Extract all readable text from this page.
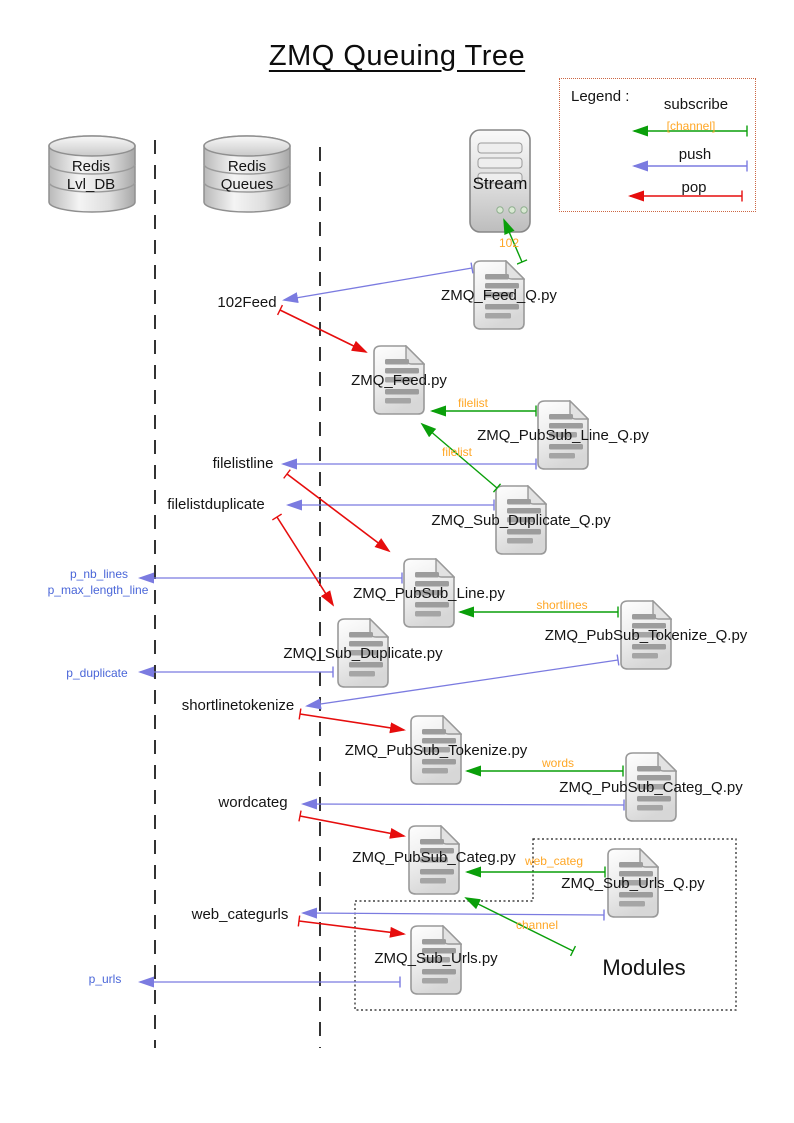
ZMQ Queuing Tree
Legend :	subscribe
[channel]
push
pop
Redis
Lvl_DB
Redis
Queues	Stream
ZMQ_Feed_Q.py
ZMQ_Feed.py
ZMQ_PubSub_Line_Q.py
ZMQ_Sub_Duplicate_Q.py
ZMQ_PubSub_Line.py
ZMQ_Sub_Duplicate.py
ZMQ_PubSub_Tokenize_Q.py
ZMQ_PubSub_Tokenize.py
ZMQ_PubSub_Categ_Q.py
ZMQ_PubSub_Categ.py
ZMQ_Sub_Urls_Q.py
ZMQ_Sub_Urls.py
102Feed
filelistline
filelistduplicate
shortlinetokenize
wordcateg
web_categurls
p_nb_lines
p_max_length_line
p_duplicate
p_urls
102
filelist
filelist
shortlines
words
web_categ
channel
Modules
